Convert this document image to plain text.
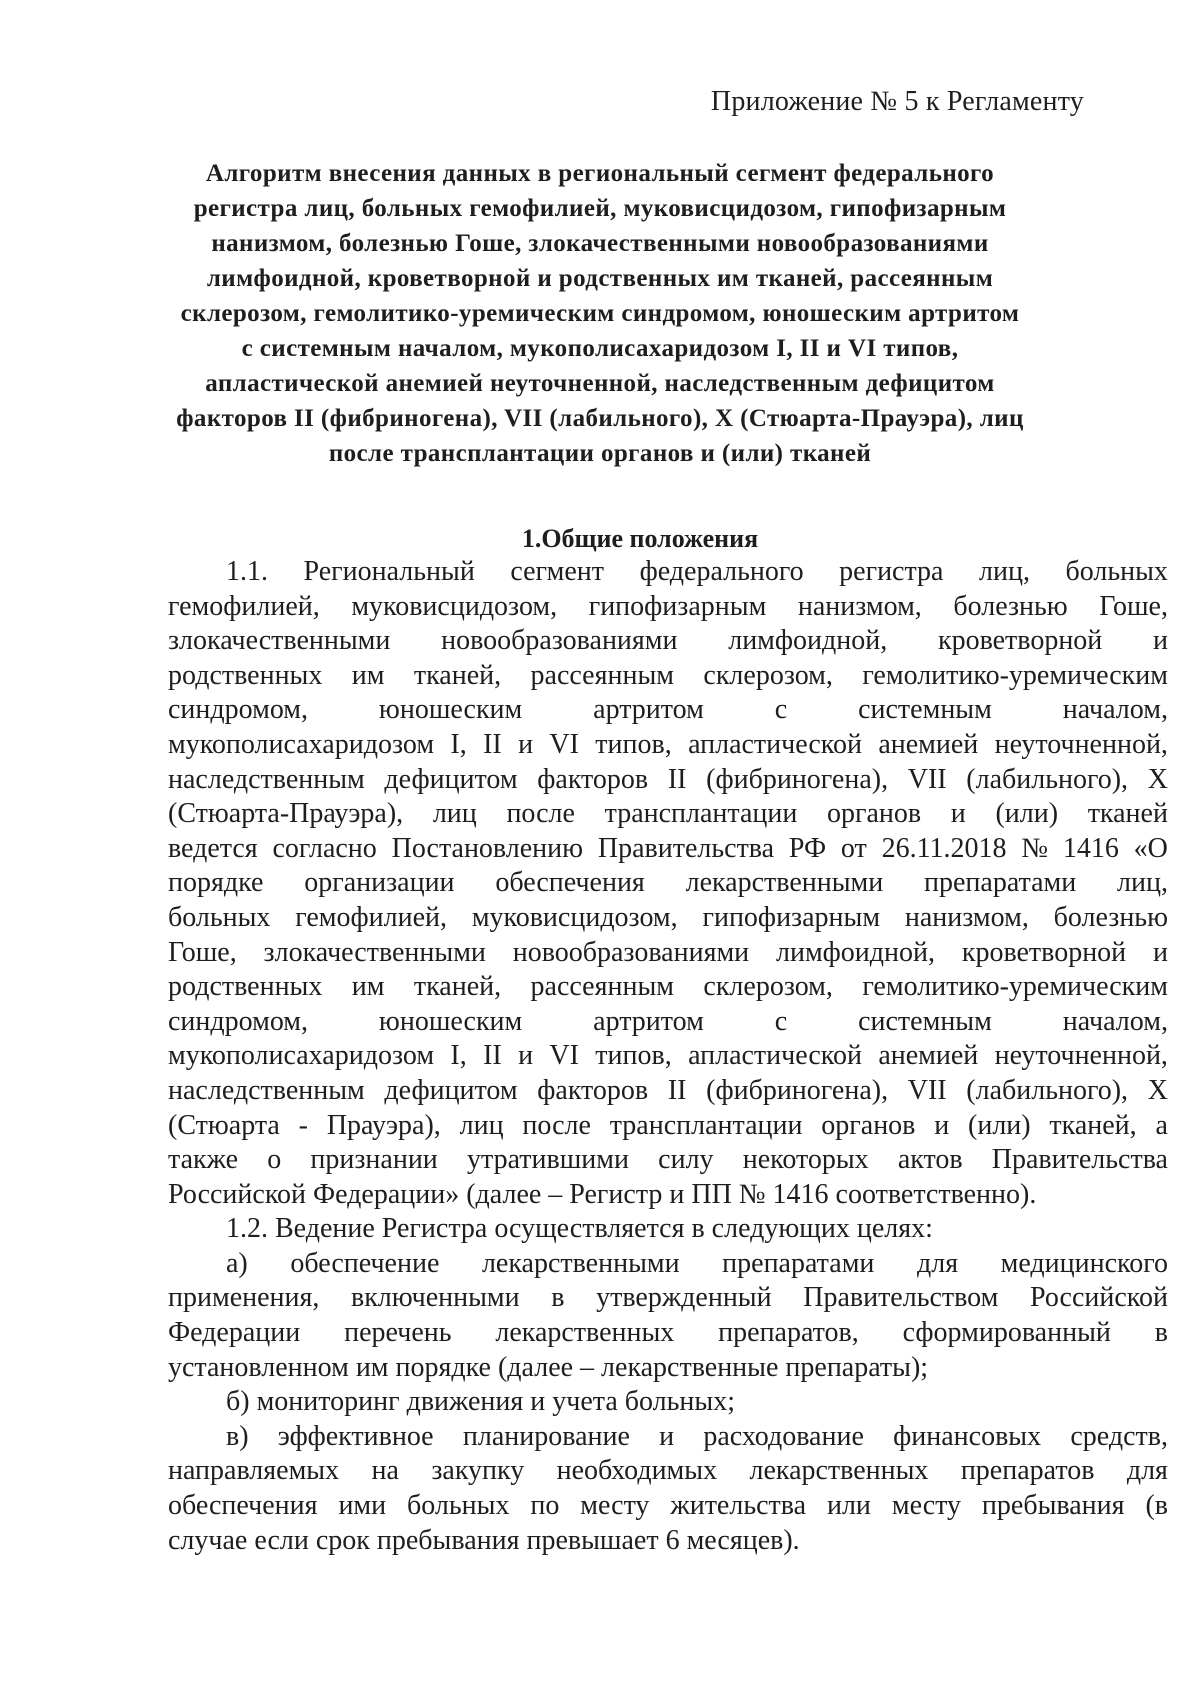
Приложение № 5 к Регламенту
Алгоритм внесения данных в региональный сегмент федерального
регистра лиц, больных гемофилией, муковисцидозом, гипофизарным
нанизмом, болезнью Гоше, злокачественными новообразованиями
лимфоидной, кроветворной и родственных им тканей, рассеянным
склерозом, гемолитико-уремическим синдромом, юношеским артритом
с системным началом, мукополисахаридозом I, II и VI типов,
апластической анемией неуточненной, наследственным дефицитом
факторов II (фибриногена), VII (лабильного), X (Стюарта-Прауэра), лиц
после трансплантации органов и (или) тканей
1.Общие положения
1.1. Региональный сегмент федерального регистра лиц, больных
гемофилией, муковисцидозом, гипофизарным нанизмом, болезнью Гоше,
злокачественными новообразованиями лимфоидной, кроветворной и
родственных им тканей, рассеянным склерозом, гемолитико-уремическим
синдромом,	юношеским	артритом	с	системным	началом,
мукополисахаридозом I, II и VI типов, апластической анемией неуточненной,
наследственным дефицитом факторов II (фибриногена), VII (лабильного), X
(Стюарта-Прауэра), лиц после трансплантации органов и (или) тканей
ведется согласно Постановлению Правительства РФ от 26.11.2018 № 1416 «О
порядке организации обеспечения лекарственными препаратами лиц,
больных гемофилией, муковисцидозом, гипофизарным нанизмом, болезнью
Гоше, злокачественными новообразованиями лимфоидной, кроветворной и
родственных им тканей, рассеянным склерозом, гемолитико-уремическим
синдромом,	юношеским	артритом	с	системным	началом,
мукополисахаридозом I, II и VI типов, апластической анемией неуточненной,
наследственным дефицитом факторов II (фибриногена), VII (лабильного), X
(Стюарта - Прауэра), лиц после трансплантации органов и (или) тканей, а
также о признании утратившими силу некоторых актов Правительства
Российской Федерации» (далее – Регистр и ПП № 1416 соответственно).
1.2. Ведение Регистра осуществляется в следующих целях:
а) обеспечение лекарственными препаратами для медицинского
применения, включенными в утвержденный Правительством Российской
Федерации перечень лекарственных препаратов, сформированный в
установленном им порядке (далее – лекарственные препараты);
б) мониторинг движения и учета больных;
в) эффективное планирование и расходование финансовых средств,
направляемых на закупку необходимых лекарственных препаратов для
обеспечения ими больных по месту жительства или месту пребывания (в
случае если срок пребывания превышает 6 месяцев).
